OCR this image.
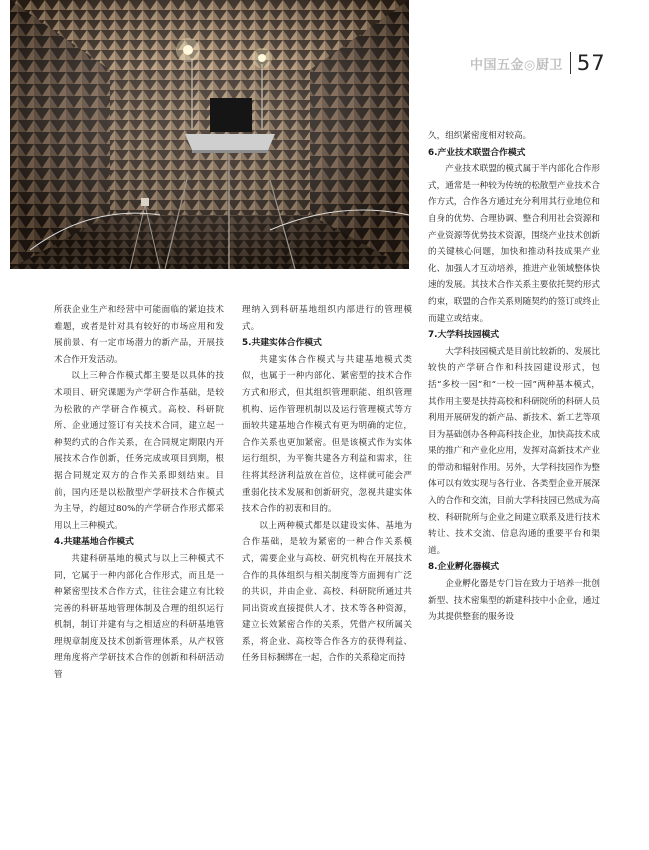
中国五金◎厨卫 57

所获企业生产和经营中可能面临的紧迫技术难题，或者是针对具有较好的市场应用和发展前景、有一定市场潜力的新产品，开展技术合作开发活动。

以上三种合作模式都主要是以具体的技术项目、研究课题为产学研合作基础，是较为松散的产学研合作模式。高校、科研院所、企业通过签订有关技术合同，建立起一种契约式的合作关系，在合同规定期限内开展技术合作创新，任务完成或项目到期，根据合同规定双方的合作关系即刻结束。目前，国内还是以松散型产学研技术合作模式为主导，约超过80%的产学研合作形式都采用以上三种模式。

4.共建基地合作模式

共建科研基地的模式与以上三种模式不同，它属于一种内部化合作形式，而且是一种紧密型技术合作方式，往往会建立有比较完善的科研基地管理体制及合理的组织运行机制，制订并建有与之相适应的科研基地管理规章制度及技术创新管理体系，从产权管理角度将产学研技术合作的创新和科研活动管

理纳入到科研基地组织内部进行的管理模式。

5.共建实体合作模式

共建实体合作模式与共建基地模式类似，也属于一种内部化、紧密型的技术合作方式和形式，但其组织管理职能、组织管理机构、运作管理机制以及运行管理模式等方面较共建基地合作模式有更为明确的定位，合作关系也更加紧密。但是该模式作为实体运行组织，为平衡共建各方利益和需求，往往将其经济利益放在首位，这样就可能会严重弱化技术发展和创新研究，忽视共建实体技术合作的初衷和目的。

以上两种模式都是以建设实体、基地为合作基础，是较为紧密的一种合作关系模式，需要企业与高校、研究机构在开展技术合作的具体组织与相关制度等方面拥有广泛的共识，并由企业、高校、科研院所通过共同出资或直接提供人才、技术等各种资源，建立长效紧密合作的关系，凭借产权所属关系，将企业、高校等合作各方的获得利益、任务目标捆绑在一起，合作的关系稳定而持

久，组织紧密度相对较高。

6.产业技术联盟合作模式

产业技术联盟的模式属于半内部化合作形式，通常是一种较为传统的松散型产业技术合作方式，合作各方通过充分利用其行业地位和自身的优势、合理协调、整合利用社会资源和产业资源等优势技术资源，围绕产业技术创新的关键核心问题，加快和推动科技成果产业化、加强人才互动培养，推进产业领域整体快速的发展。其技术合作关系主要依托契约形式约束，联盟的合作关系则随契约的签订或终止而建立或结束。

7.大学科技园模式

大学科技园模式是目前比较新的、发展比较快的产学研合作和科技园建设形式，包括“多校一园”和“一校一园”两种基本模式，其作用主要是扶持高校和科研院所的科研人员利用开展研发的新产品、新技术、新工艺等项目为基础创办各种高科技企业，加快高技术成果的推广和产业化应用，发挥对高新技术产业的带动和辐射作用。另外，大学科技园作为整体可以有效实现与各行业、各类型企业开展深入的合作和交流，目前大学科技园已然成为高校、科研院所与企业之间建立联系及进行技术转让、技术交流、信息沟通的重要平台和渠道。

8.企业孵化器模式

企业孵化器是专门旨在致力于培养一批创新型、技术密集型的新建科技中小企业，通过为其提供整套的服务设
